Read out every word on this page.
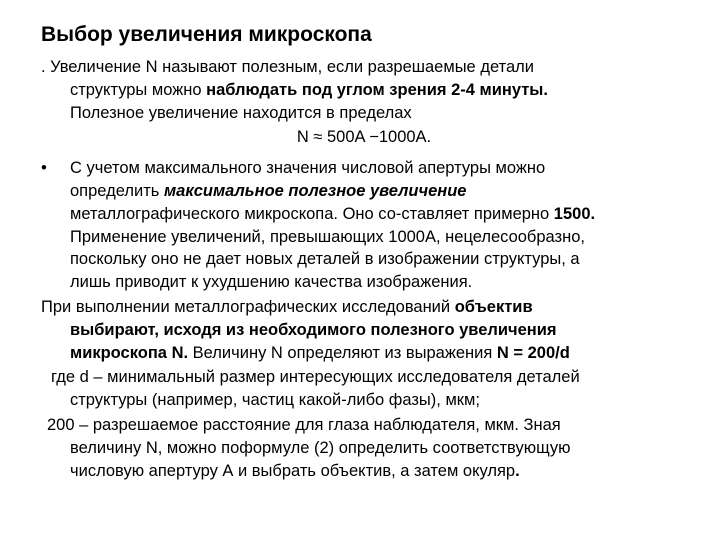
Выбор увеличения микроскопа
. Увеличение N называют полезным, если разрешаемые детали
структуры можно наблюдать под углом зрения 2-4 минуты.
Полезное увеличение находится в пределах
N ≈ 500A −1000A.
• С учетом максимального значения числовой апертуры можно
определить максимальное полезное увеличение
металлографического микроскопа. Оно со-ставляет примерно 1500.
Применение увеличений, превышающих 1000А, нецелесообразно,
поскольку оно не дает новых деталей в изображении структуры, а
лишь приводит к ухудшению качества изображения.
При выполнении металлографических исследований объектив
выбирают, исходя из необходимого полезного увеличения
микроскопа N. Величину N определяют из выражения N = 200/d
где d – минимальный размер интересующих исследователя деталей
структуры (например, частиц какой-либо фазы), мкм;
200 – разрешаемое расстояние для глаза наблюдателя, мкм. Зная
величину N, можно поформуле (2) определить соответствующую
числовую апертуру А и выбрать объектив, а затем окуляр.
